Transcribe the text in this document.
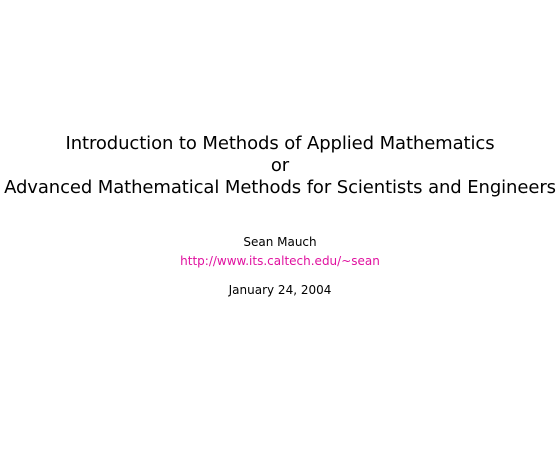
Introduction to Methods of Applied Mathematics
or
Advanced Mathematical Methods for Scientists and Engineers
Sean Mauch
http://www.its.caltech.edu/~sean
January 24, 2004
